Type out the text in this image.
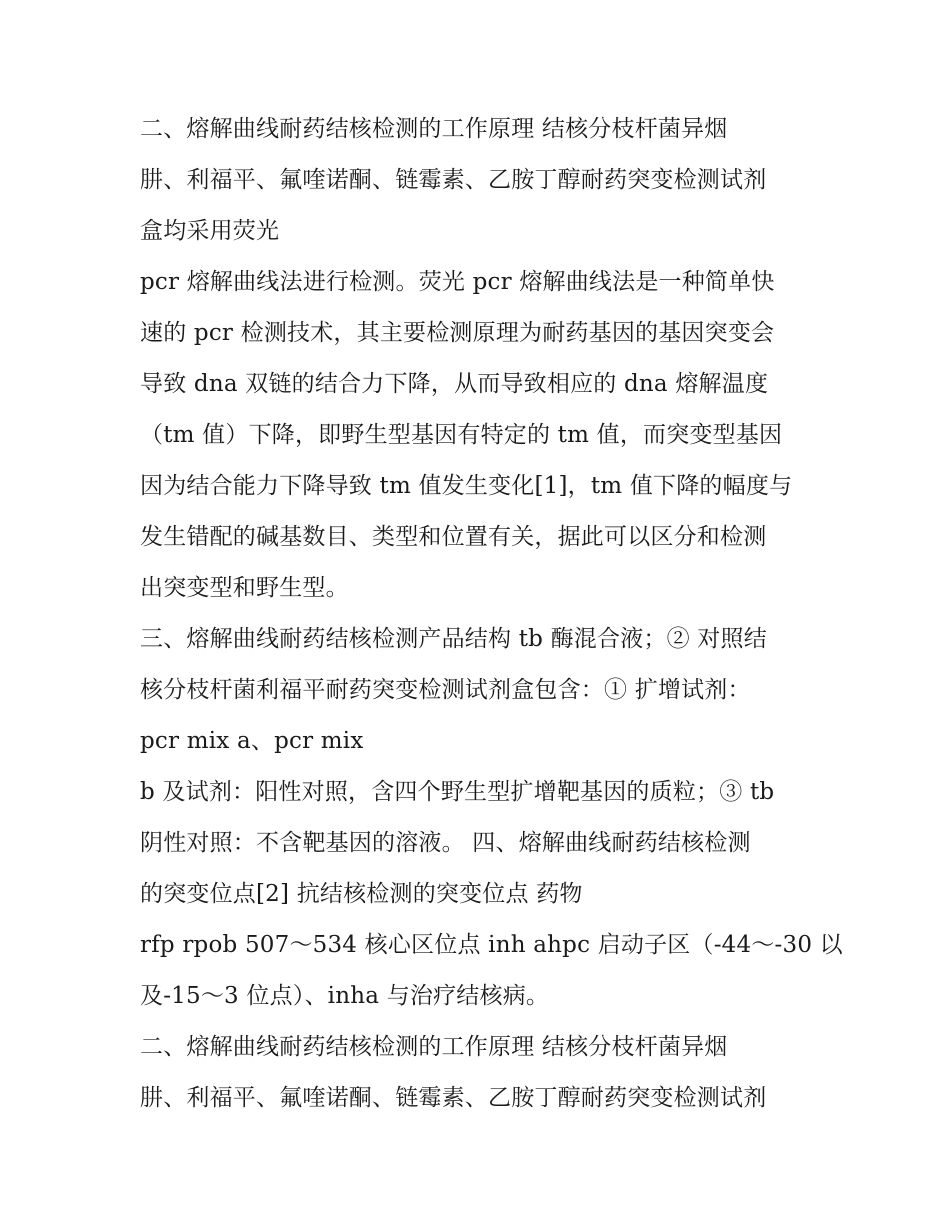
二、熔解曲线耐药结核检测的工作原理 结核分枝杆菌异烟
肼、利福平、氟喹诺酮、链霉素、乙胺丁醇耐药突变检测试剂
盒均采用荧光
pcr 熔解曲线法进行检测。荧光 pcr 熔解曲线法是一种简单快
速的 pcr 检测技术，其主要检测原理为耐药基因的基因突变会
导致 dna 双链的结合力下降，从而导致相应的 dna 熔解温度
（tm 值）下降，即野生型基因有特定的 tm 值，而突变型基因
因为结合能力下降导致 tm 值发生变化[1]，tm 值下降的幅度与
发生错配的碱基数目、类型和位置有关，据此可以区分和检测
出突变型和野生型。
三、熔解曲线耐药结核检测产品结构 tb 酶混合液；② 对照结
核分枝杆菌利福平耐药突变检测试剂盒包含：① 扩增试剂：
pcr mix a、pcr mix
b 及试剂：阳性对照，含四个野生型扩增靶基因的质粒；③ tb
阴性对照：不含靶基因的溶液。 四、熔解曲线耐药结核检测
的突变位点[2] 抗结核检测的突变位点 药物
rfp rpob 507～534 核心区位点 inh ahpc 启动子区（-44～-30 以
及-15～3 位点）、inha 与治疗结核病。
二、熔解曲线耐药结核检测的工作原理 结核分枝杆菌异烟
肼、利福平、氟喹诺酮、链霉素、乙胺丁醇耐药突变检测试剂
